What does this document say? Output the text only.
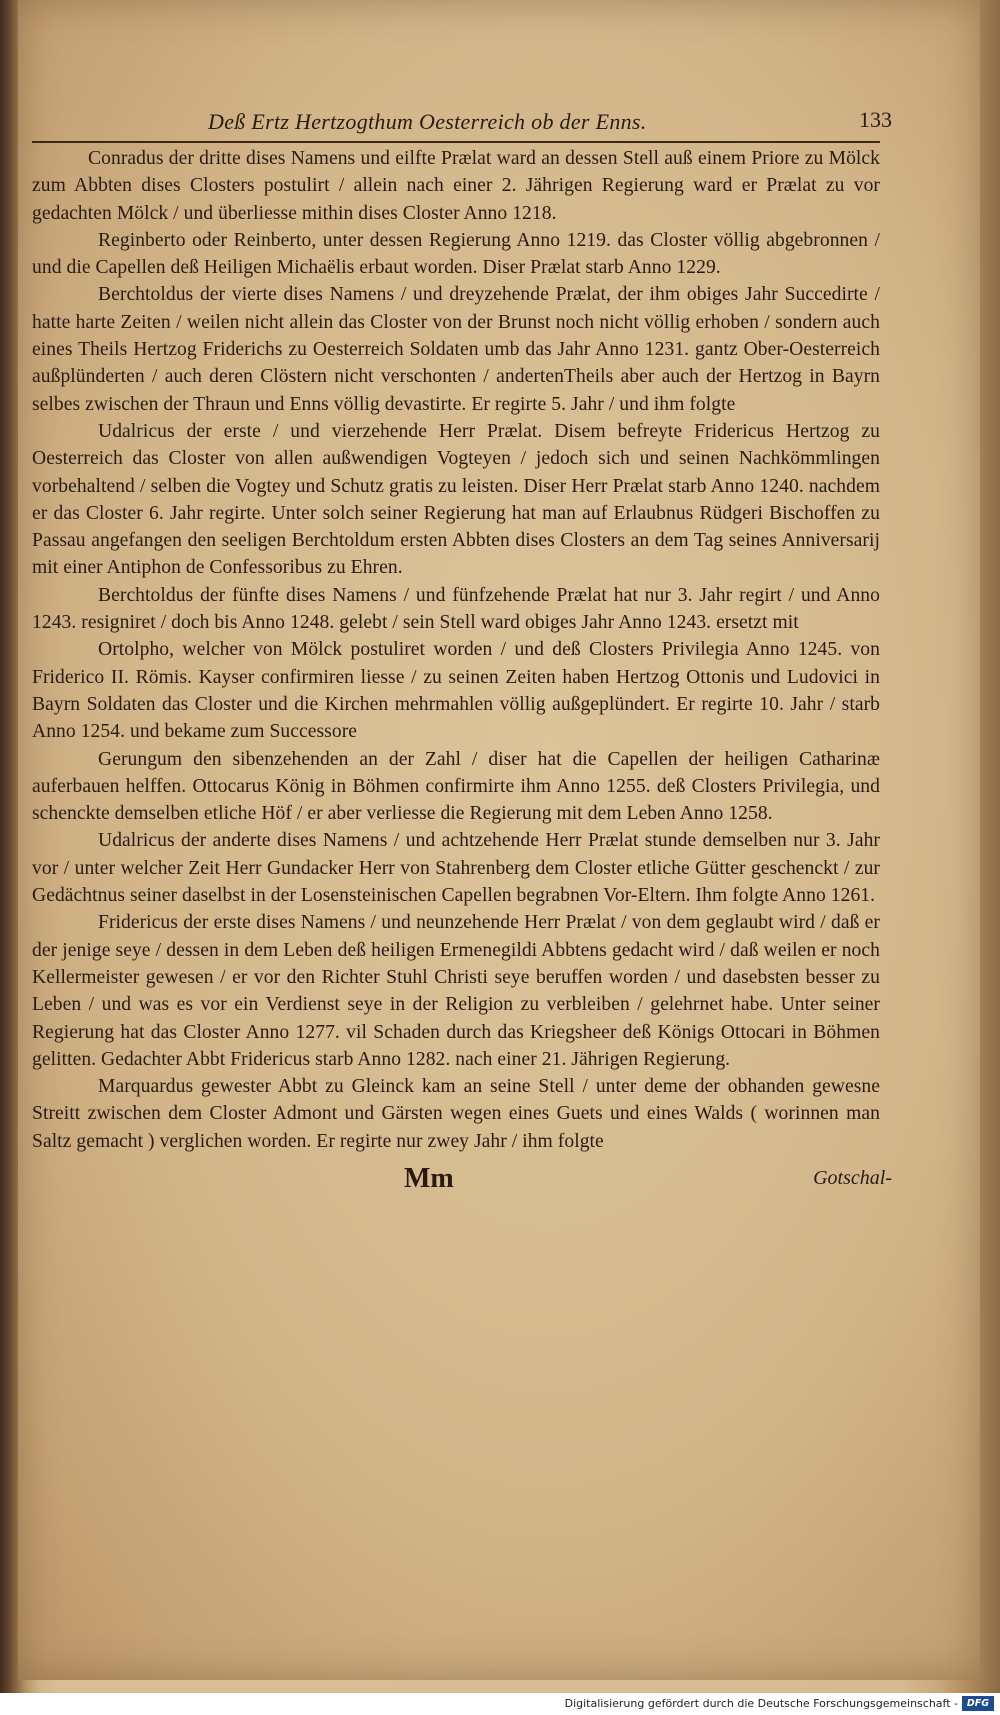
Deß Ertz Hertzogthum Oesterreich ob der Enns.	133

Conradus der dritte dises Namens und eilfte Prælat ward an dessen Stell auß einem Priore zu Mölck zum Abbten dises Closters postulirt / allein nach einer 2. Jährigen Regierung ward er Prælat zu vor gedachten Mölck / und überliesse mithin dises Closter Anno 1218.

Reginberto oder Reinberto, unter dessen Regierung Anno 1219. das Closter völlig abgebronnen / und die Capellen deß Heiligen Michaëlis erbaut worden. Diser Prælat starb Anno 1229.

Berchtoldus der vierte dises Namens / und dreyzehende Prælat, der ihm obiges Jahr Succedirte / hatte harte Zeiten / weilen nicht allein das Closter von der Brunst noch nicht völlig erhoben / sondern auch eines Theils Hertzog Friderichs zu Oesterreich Soldaten umb das Jahr Anno 1231. gantz Ober-Oesterreich außplünderten / auch deren Clöstern nicht verschonten / andertenTheils aber auch der Hertzog in Bayrn selbes zwischen der Thraun und Enns völlig devastirte. Er regirte 5. Jahr / und ihm folgte

Udalricus der erste / und vierzehende Herr Prælat. Disem befreyte Fridericus Hertzog zu Oesterreich das Closter von allen außwendigen Vogteyen / jedoch sich und seinen Nachkömmlingen vorbehaltend / selben die Vogtey und Schutz gratis zu leisten. Diser Herr Prælat starb Anno 1240. nachdem er das Closter 6. Jahr regirte. Unter solch seiner Regierung hat man auf Erlaubnus Rüdgeri Bischoffen zu Passau angefangen den seeligen Berchtoldum ersten Abbten dises Closters an dem Tag seines Anniversarij mit einer Antiphon de Confessoribus zu Ehren.

Berchtoldus der fünfte dises Namens / und fünfzehende Prælat hat nur 3. Jahr regirt / und Anno 1243. resigniret / doch bis Anno 1248. gelebt / sein Stell ward obiges Jahr Anno 1243. ersetzt mit

Ortolpho, welcher von Mölck postuliret worden / und deß Closters Privilegia Anno 1245. von Friderico II. Römis. Kayser confirmiren liesse / zu seinen Zeiten haben Hertzog Ottonis und Ludovici in Bayrn Soldaten das Closter und die Kirchen mehrmahlen völlig außgeplündert. Er regirte 10. Jahr / starb Anno 1254. und bekame zum Successore

Gerungum den sibenzehenden an der Zahl / diser hat die Capellen der heiligen Catharinæ auferbauen helffen. Ottocarus König in Böhmen confirmirte ihm Anno 1255. deß Closters Privilegia, und schenckte demselben etliche Höf / er aber verliesse die Regierung mit dem Leben Anno 1258.

Udalricus der anderte dises Namens / und achtzehende Herr Prælat stunde demselben nur 3. Jahr vor / unter welcher Zeit Herr Gundacker Herr von Stahrenberg dem Closter etliche Gütter geschenckt / zur Gedächtnus seiner daselbst in der Losensteinischen Capellen begrabnen Vor-Eltern. Ihm folgte Anno 1261.

Fridericus der erste dises Namens / und neunzehende Herr Prælat / von dem geglaubt wird / daß er der jenige seye / dessen in dem Leben deß heiligen Ermenegildi Abbtens gedacht wird / daß weilen er noch Kellermeister gewesen / er vor den Richter Stuhl Christi seye beruffen worden / und dasebsten besser zu Leben / und was es vor ein Verdienst seye in der Religion zu verbleiben / gelehrnet habe. Unter seiner Regierung hat das Closter Anno 1277. vil Schaden durch das Kriegsheer deß Königs Ottocari in Böhmen gelitten. Gedachter Abbt Fridericus starb Anno 1282. nach einer 21. Jährigen Regierung.

Marquardus gewester Abbt zu Gleinck kam an seine Stell / unter deme der obhanden gewesne Streitt zwischen dem Closter Admont und Gärsten wegen eines Guets und eines Walds ( worinnen man Saltz gemacht ) verglichen worden. Er regirte nur zwey Jahr / ihm folgte

Mm	Gotschal-
Digitalisierung gefördert durch die Deutsche Forschungsgemeinschaft - DFG
